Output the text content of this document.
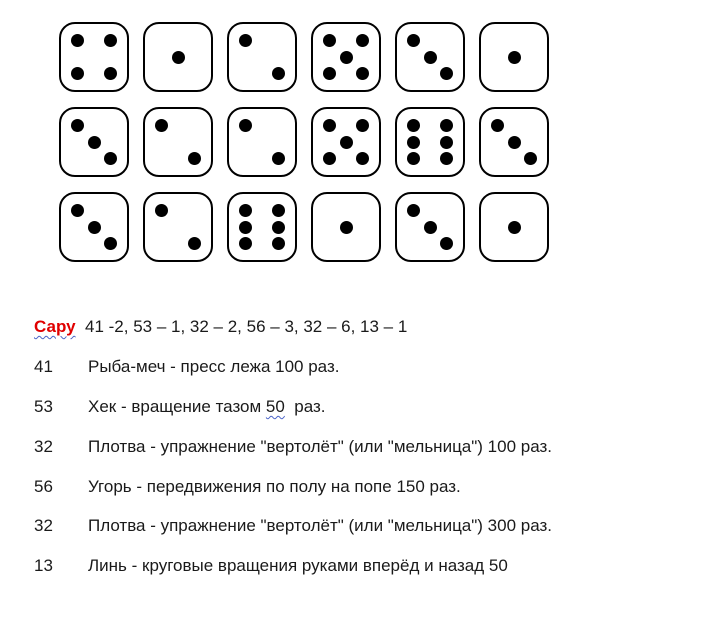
Сару 41 -2, 53 – 1, 32 – 2, 56 – 3, 32 – 6, 13 – 1
41 Рыба-меч - пресс лежа 100 раз.
53 Хек - вращение тазом 50  раз.
32 Плотва - упражнение "вертолёт" (или "мельница") 100 раз.
56 Угорь - передвижения по полу на попе 150 раз.
32 Плотва - упражнение "вертолёт" (или "мельница") 300 раз.
13 Линь - круговые вращения руками вперёд и назад 50
